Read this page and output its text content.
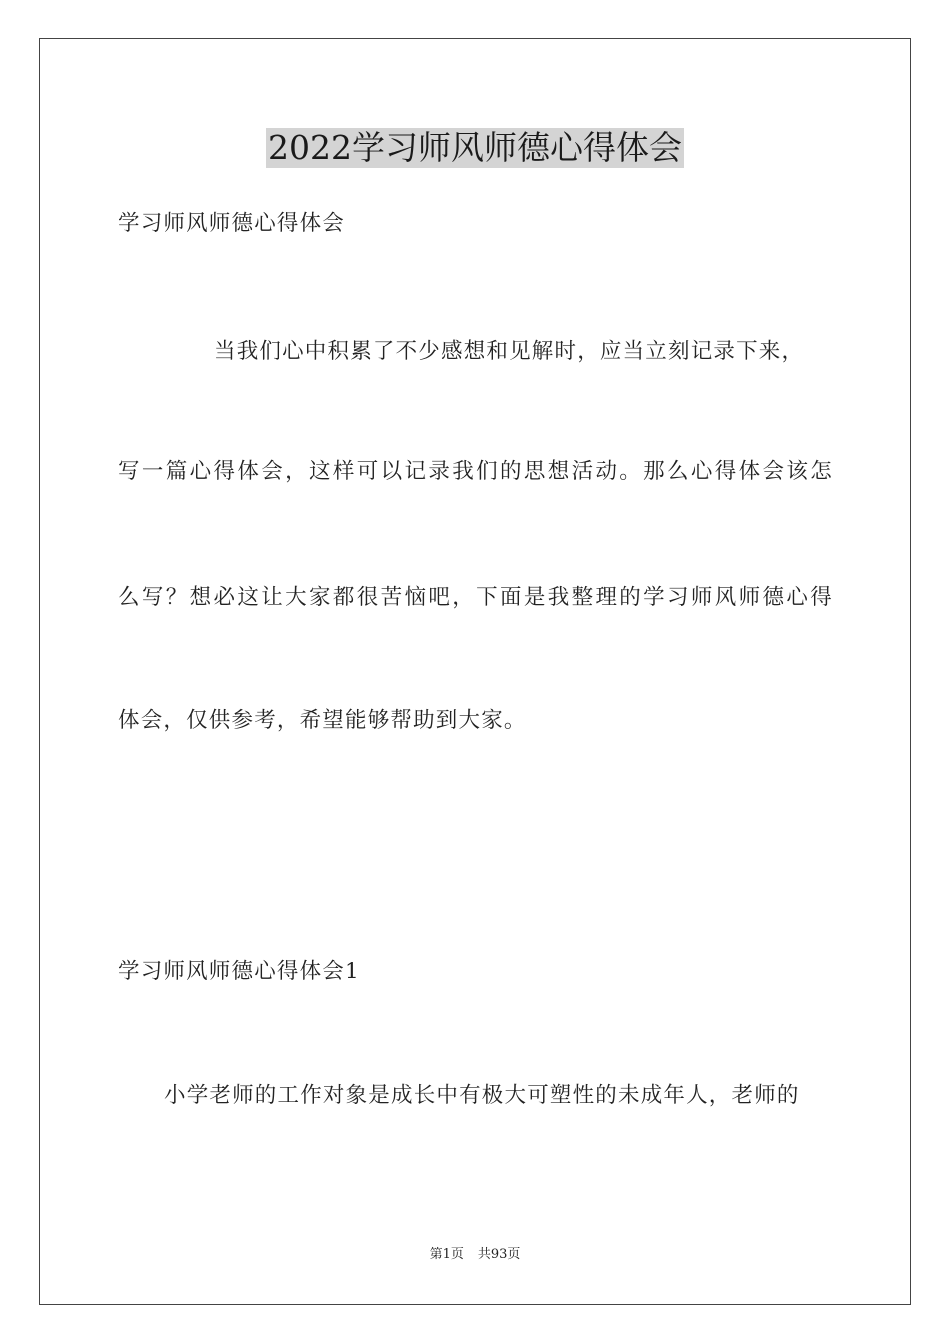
2022学习师风师德心得体会
学习师风师德心得体会
当我们心中积累了不少感想和见解时，应当立刻记录下来，
写一篇心得体会，这样可以记录我们的思想活动。那么心得体会该怎
么写？想必这让大家都很苦恼吧，下面是我整理的学习师风师德心得
体会，仅供参考，希望能够帮助到大家。
学习师风师德心得体会1
小学老师的工作对象是成长中有极大可塑性的未成年人，老师的
第1页 共93页
